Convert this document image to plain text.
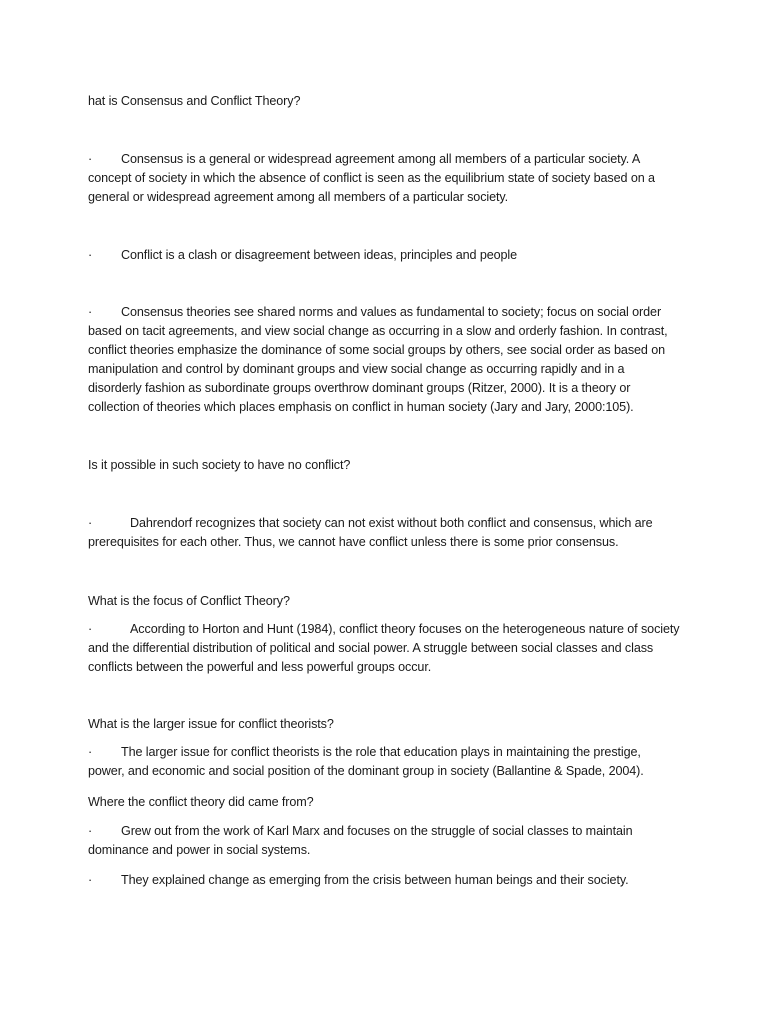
hat is Consensus and Conflict Theory?

· Consensus is a general or widespread agreement among all members of a particular society. A concept of society in which the absence of conflict is seen as the equilibrium state of society based on a general or widespread agreement among all members of a particular society.

· Conflict is a clash or disagreement between ideas, principles and people

· Consensus theories see shared norms and values as fundamental to society; focus on social order based on tacit agreements, and view social change as occurring in a slow and orderly fashion. In contrast, conflict theories emphasize the dominance of some social groups by others, see social order as based on manipulation and control by dominant groups and view social change as occurring rapidly and in a disorderly fashion as subordinate groups overthrow dominant groups (Ritzer, 2000). It is a theory or collection of theories which places emphasis on conflict in human society (Jary and Jary, 2000:105).

Is it possible in such society to have no conflict?

·	Dahrendorf recognizes that society can not exist without both conflict and consensus, which are prerequisites for each other. Thus, we cannot have conflict unless there is some prior consensus.

What is the focus of Conflict Theory?

·	According to Horton and Hunt (1984), conflict theory focuses on the heterogeneous nature of society and the differential distribution of political and social power. A struggle between social classes and class conflicts between the powerful and less powerful groups occur.

What is the larger issue for conflict theorists?

· The larger issue for conflict theorists is the role that education plays in maintaining the prestige, power, and economic and social position of the dominant group in society (Ballantine & Spade, 2004).

Where the conflict theory did came from?

· Grew out from the work of Karl Marx and focuses on the struggle of social classes to maintain dominance and power in social systems.

· They explained change as emerging from the crisis between human beings and their society.
